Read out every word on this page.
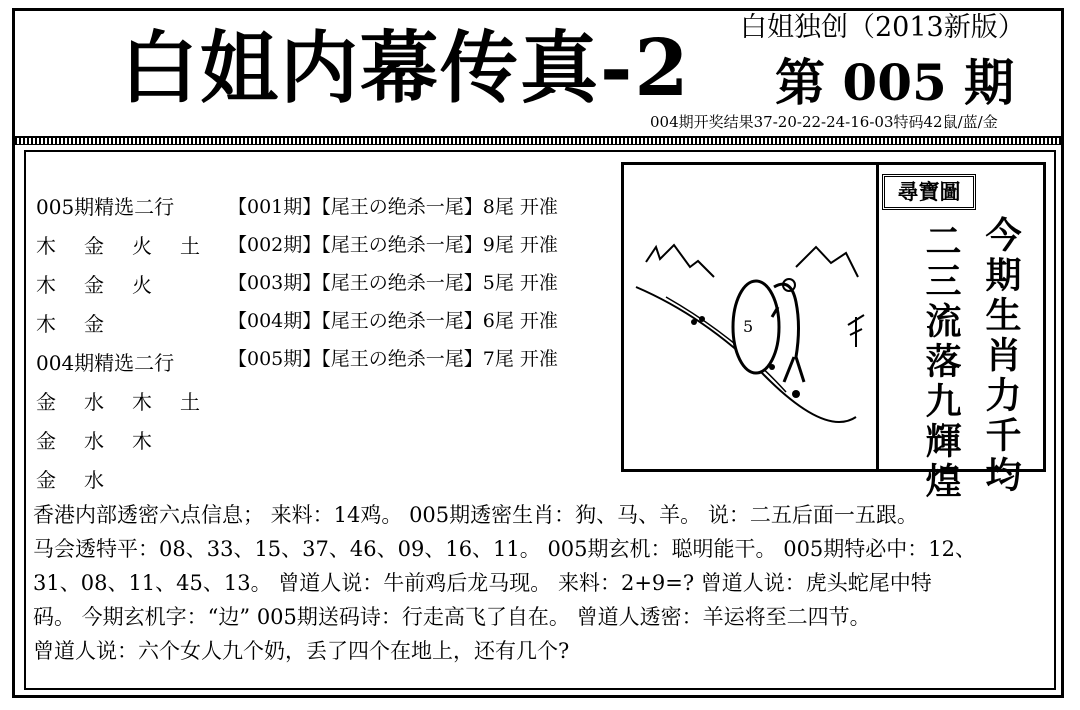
白姐内幕传真-2 白姐独创（2013新版）
第 005 期
004期开奖结果37-20-22-24-16-03特码42鼠/蓝/金
005期精选二行
木 金 火 土
木 金 火
木 金
004期精选二行
金 水 木 土
金 水 木
金 水
【001期】【尾王の绝杀一尾】8尾 开准
【002期】【尾王の绝杀一尾】9尾 开准
【003期】【尾王の绝杀一尾】5尾 开准
【004期】【尾王の绝杀一尾】6尾 开准
【005期】【尾王の绝杀一尾】7尾 开准
5
尋寶圖
今期生肖力千均
二三流落九輝煌

香港内部透密六点信息； 来料：14鸡。 005期透密生肖：狗、马、羊。 说：二五后面一五跟。

马会透特平：08、33、15、37、46、09、16、11。 005期玄机：聪明能干。 005期特必中：12、

31、08、11、45、13。 曾道人说：牛前鸡后龙马现。 来料：2+9=? 曾道人说：虎头蛇尾中特

码。 今期玄机字：“边” 005期送码诗：行走高飞了自在。 曾道人透密：羊运将至二四节。

曾道人说：六个女人九个奶，丢了四个在地上，还有几个?
